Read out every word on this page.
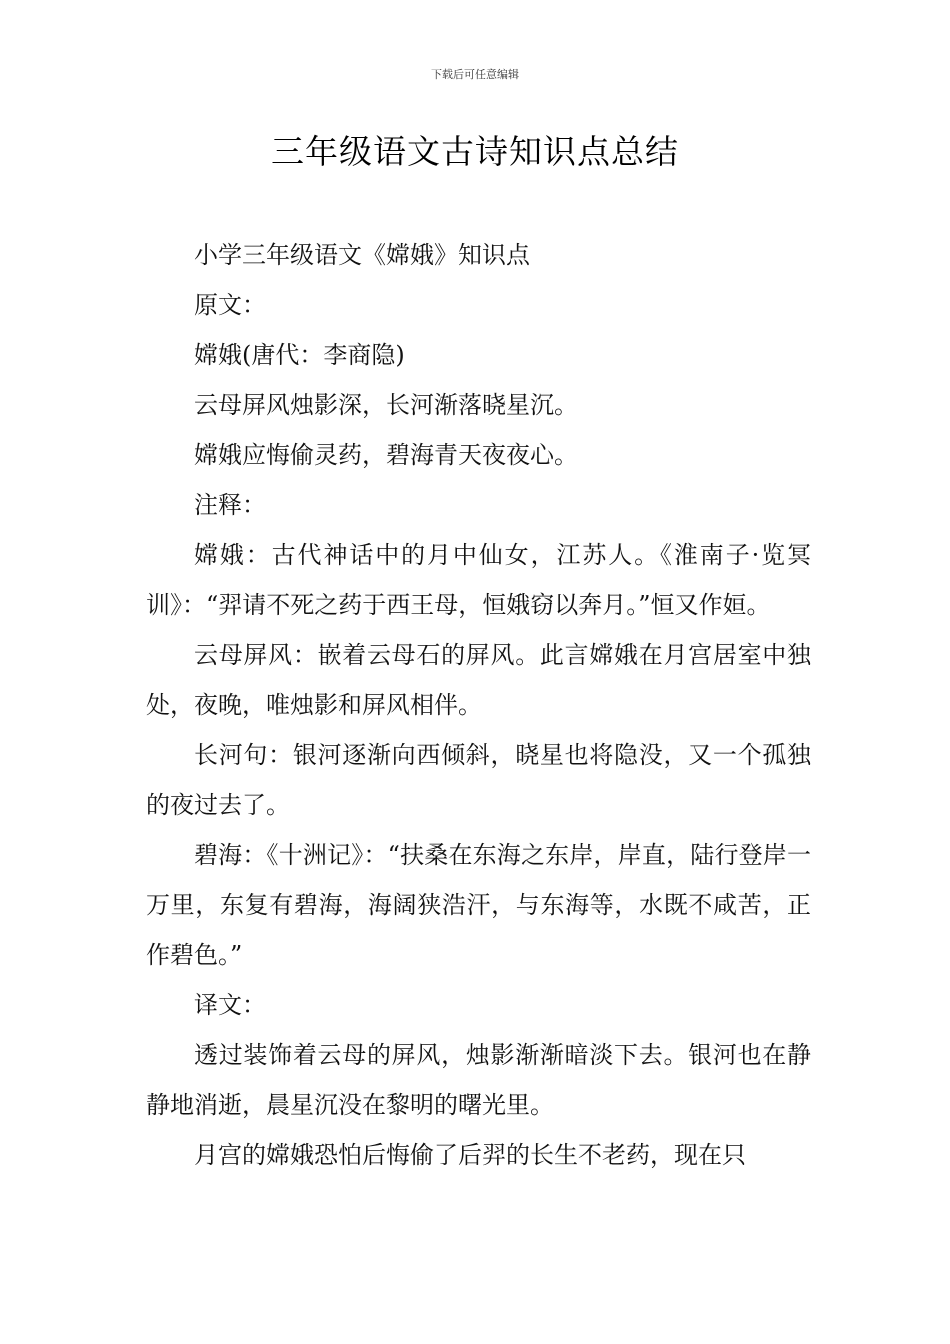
下载后可任意编辑
三年级语文古诗知识点总结

小学三年级语文《嫦娥》知识点

原文：

嫦娥(唐代：李商隐)

云母屏风烛影深，长河渐落晓星沉。

嫦娥应悔偷灵药，碧海青天夜夜心。

注释：

嫦娥：古代神话中的月中仙女，江苏人。《淮南子·览冥训》：“羿请不死之药于西王母，恒娥窃以奔月。”恒又作姮。

云母屏风：嵌着云母石的屏风。此言嫦娥在月宫居室中独处，夜晚，唯烛影和屏风相伴。

长河句：银河逐渐向西倾斜，晓星也将隐没，又一个孤独的夜过去了。

碧海：《十洲记》：“扶桑在东海之东岸，岸直，陆行登岸一万里，东复有碧海，海阔狭浩汗，与东海等，水既不咸苦，正作碧色。”

译文：

透过装饰着云母的屏风，烛影渐渐暗淡下去。银河也在静静地消逝，晨星沉没在黎明的曙光里。

月宫的嫦娥恐怕后悔偷了后羿的长生不老药，现在只
